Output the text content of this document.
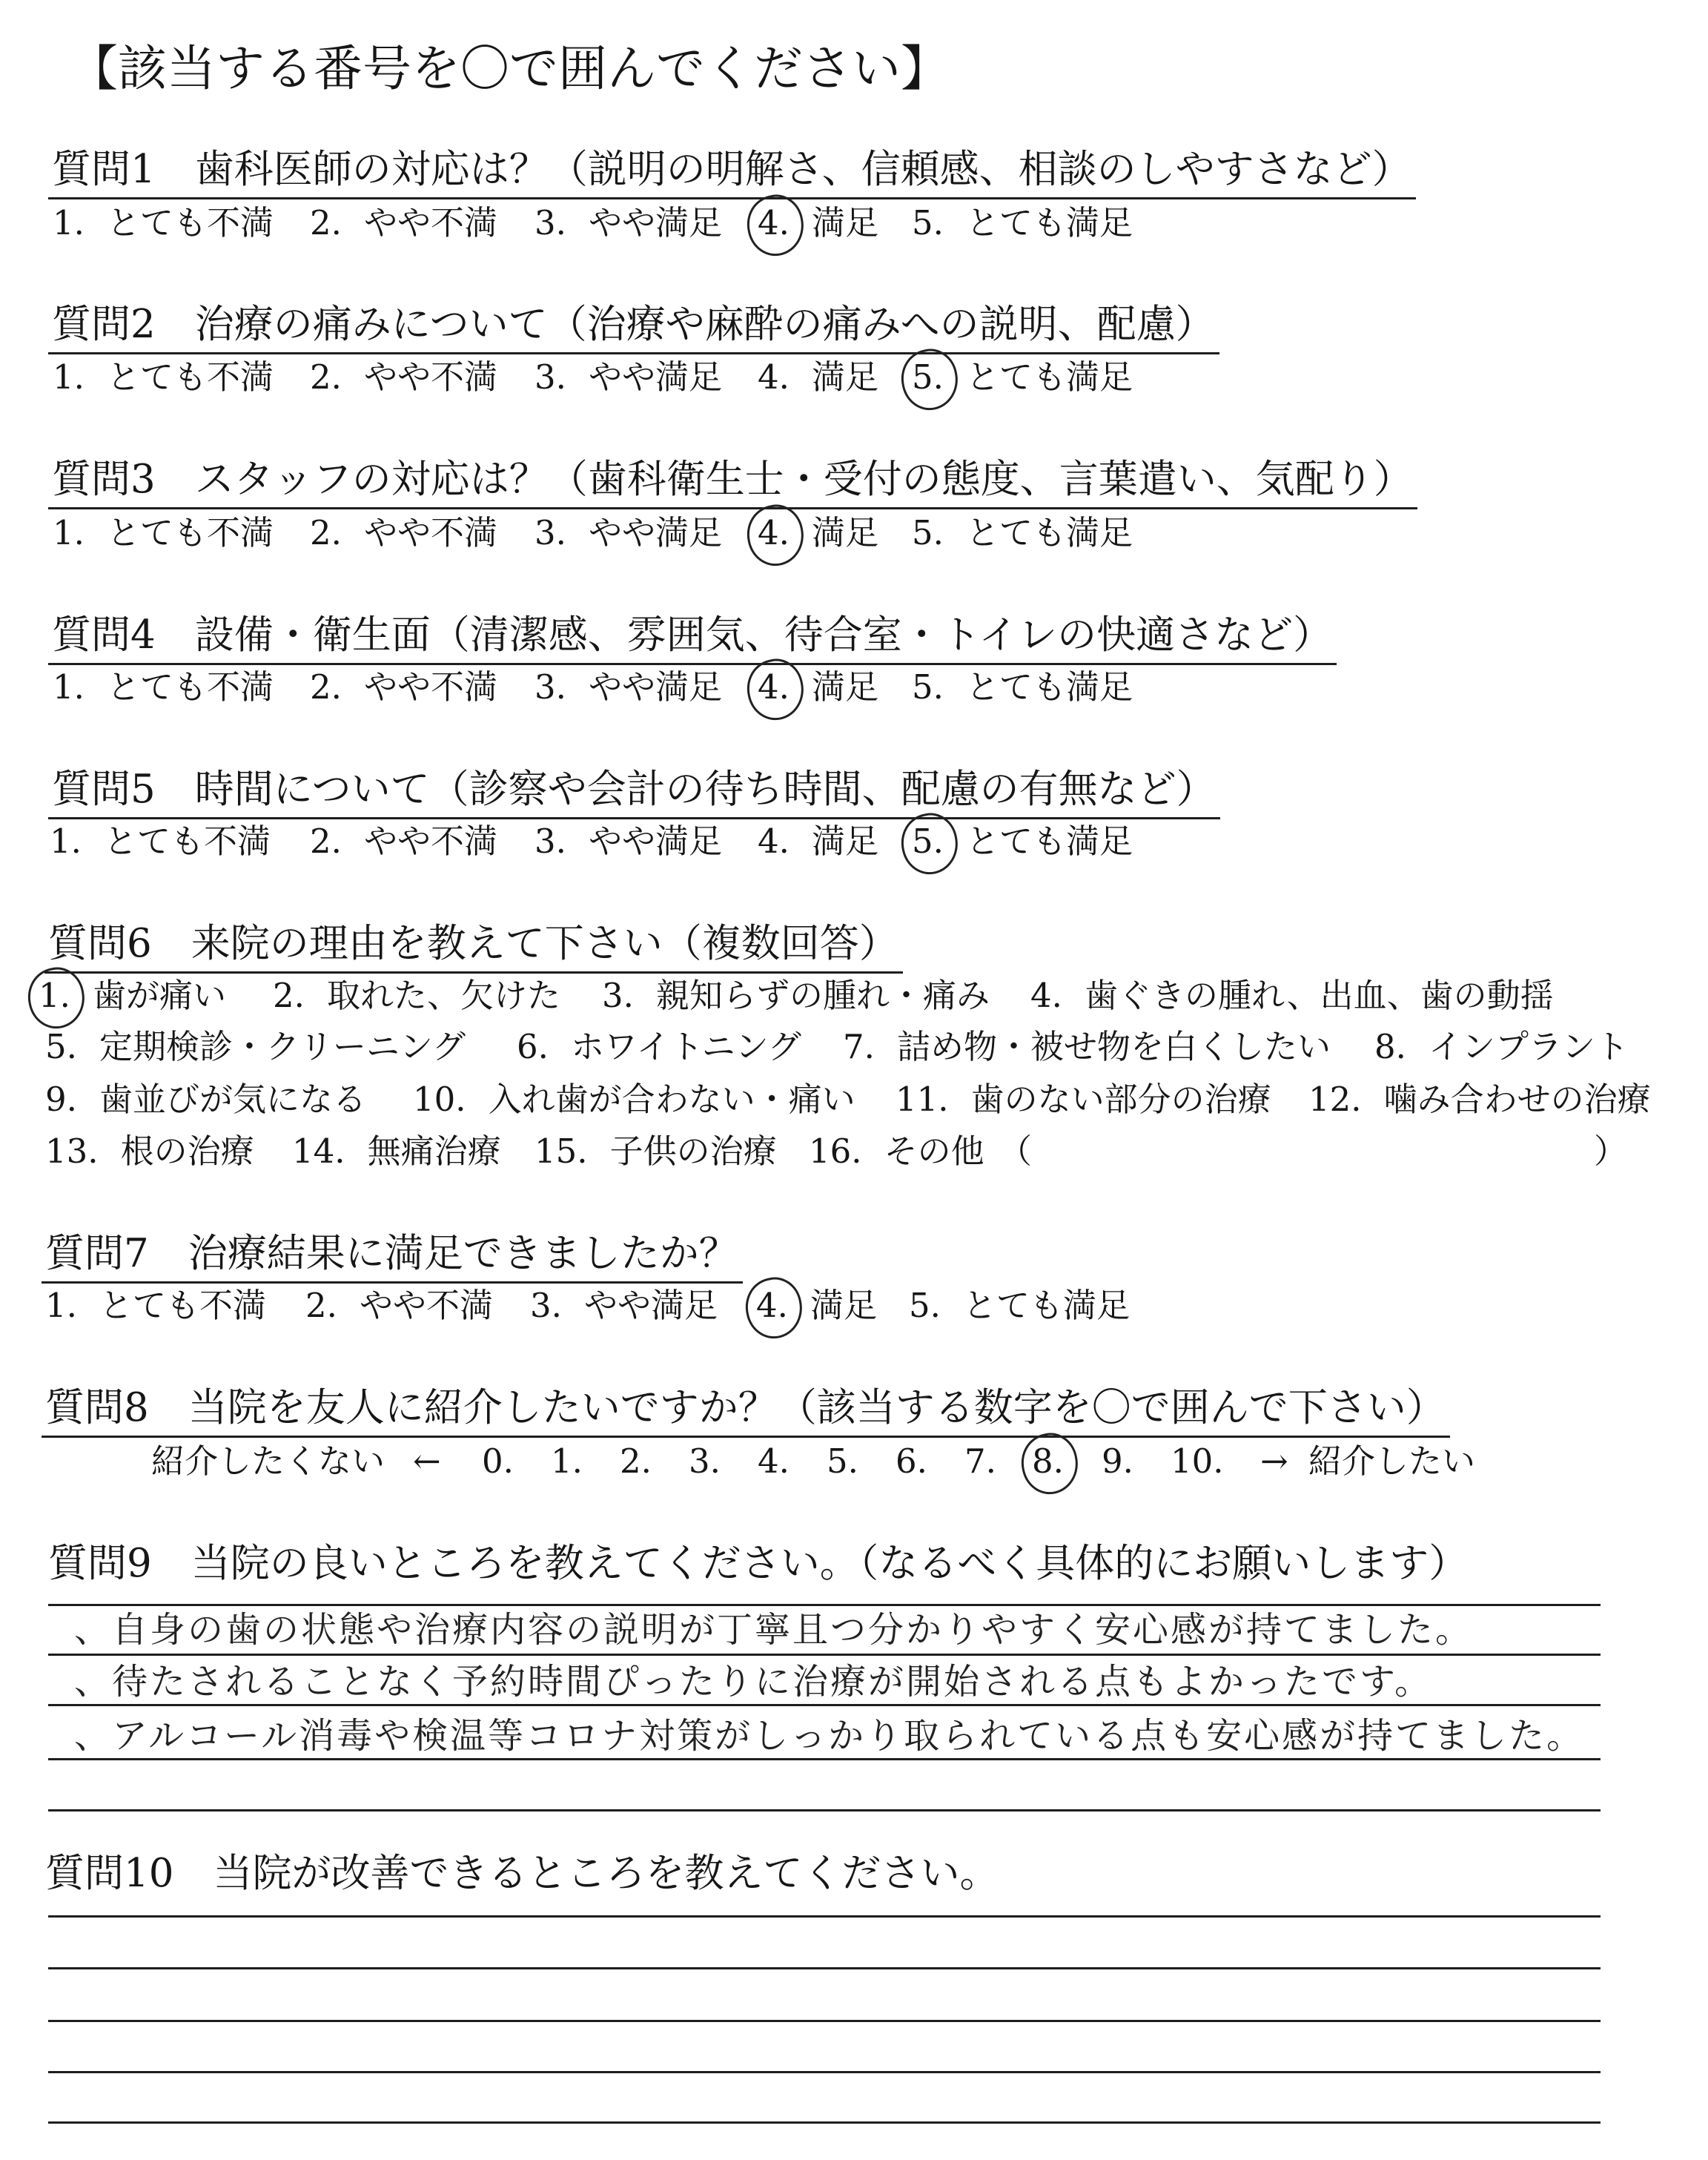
【該当する番号を〇で囲んでください】
質問1 歯科医師の対応は？（説明の明解さ、信頼感、相談のしやすさなど）
1. とても不満 2. やや不満 3. やや満足 4. 満足 5. とても満足
質問2 治療の痛みについて（治療や麻酔の痛みへの説明、配慮）
1. とても不満 2. やや不満 3. やや満足 4. 満足 5. とても満足
質問3 スタッフの対応は？（歯科衛生士・受付の態度、言葉遣い、気配り）
1. とても不満 2. やや不満 3. やや満足 4. 満足 5. とても満足
質問4 設備・衛生面（清潔感、雰囲気、待合室・トイレの快適さなど）
1. とても不満 2. やや不満 3. やや満足 4. 満足 5. とても満足
質問5 時間について（診察や会計の待ち時間、配慮の有無など）
1. とても不満 2. やや不満 3. やや満足 4. 満足 5. とても満足
質問6 来院の理由を教えて下さい（複数回答）
1. 歯が痛い 2. 取れた、欠けた 3. 親知らずの腫れ・痛み 4. 歯ぐきの腫れ、出血、歯の動揺
5. 定期検診・クリーニング 6. ホワイトニング 7. 詰め物・被せ物を白くしたい 8. インプラント
9. 歯並びが気になる 10. 入れ歯が合わない・痛い 11. 歯のない部分の治療 12. 噛み合わせの治療
13. 根の治療 14. 無痛治療 15. 子供の治療 16. その他 （	）
質問7 治療結果に満足できましたか？
1. とても不満 2. やや不満 3. やや満足 4. 満足 5. とても満足
質問8 当院を友人に紹介したいですか？（該当する数字を〇で囲んで下さい）
紹介したくない ← 0.	1.	2.	3.	4.	5.	6.	7.	8.	9.	10.	→ 紹介したい
質問9 当院の良いところを教えてください。（なるべく具体的にお願いします）
、自身の歯の状態や治療内容の説明が丁寧且つ分かりやすく安心感が持てました。
、待たされることなく予約時間ぴったりに治療が開始される点もよかったです。
、アルコール消毒や検温等コロナ対策がしっかり取られている点も安心感が持てました。
質問10 当院が改善できるところを教えてください。
